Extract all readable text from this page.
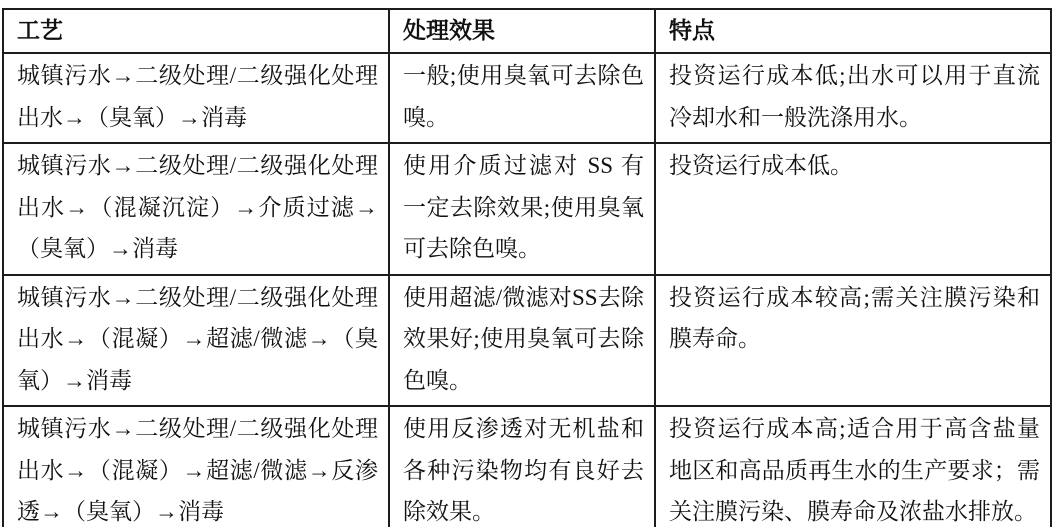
工艺	处理效果	特点
城镇污水→二级处理/二级强化处理出水→（臭氧）→消毒	一般;使用臭氧可去除色嗅。	投资运行成本低;出水可以用于直流冷却水和一般洗涤用水。
城镇污水→二级处理/二级强化处理出水→（混凝沉淀）→介质过滤→（臭氧）→消毒	使用介质过滤对 SS 有一定去除效果;使用臭氧可去除色嗅。	投资运行成本低。
城镇污水→二级处理/二级强化处理出水→（混凝）→超滤/微滤→（臭氧）→消毒	使用超滤/微滤对SS去除效果好;使用臭氧可去除色嗅。	投资运行成本较高;需关注膜污染和膜寿命。
城镇污水→二级处理/二级强化处理出水→（混凝）→超滤/微滤→反渗透→（臭氧）→消毒	使用反渗透对无机盐和各种污染物均有良好去除效果。	投资运行成本高;适合用于高含盐量地区和高品质再生水的生产要求；需关注膜污染、膜寿命及浓盐水排放。
